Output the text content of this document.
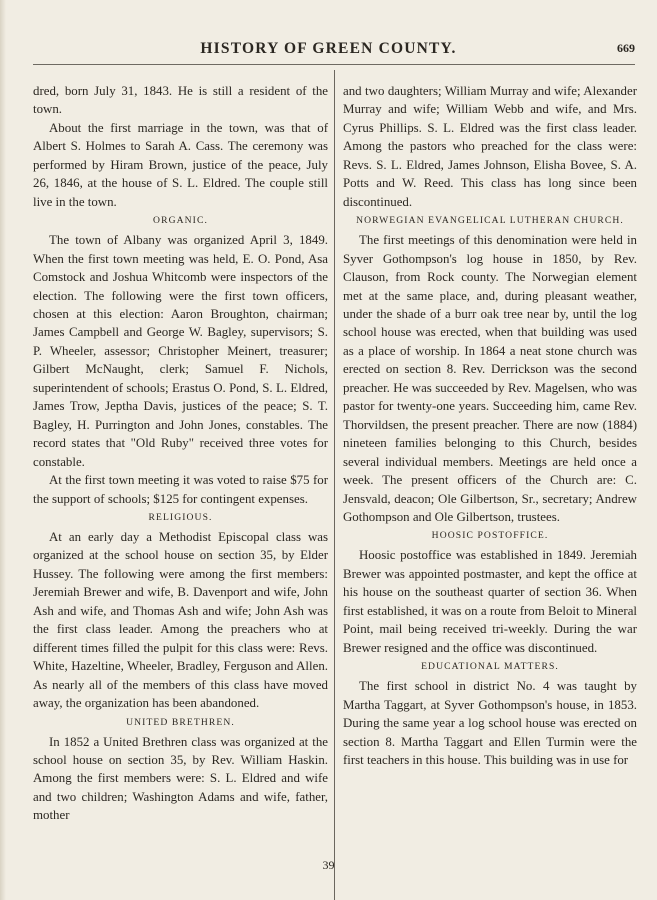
HISTORY OF GREEN COUNTY.	669

dred, born July 31, 1843. He is still a resident of the town.

About the first marriage in the town, was that of Albert S. Holmes to Sarah A. Cass. The ceremony was performed by Hiram Brown, justice of the peace, July 26, 1846, at the house of S. L. Eldred. The couple still live in the town.

ORGANIC.

The town of Albany was organized April 3, 1849. When the first town meeting was held, E. O. Pond, Asa Comstock and Joshua Whitcomb were inspectors of the election. The following were the first town officers, chosen at this election: Aaron Broughton, chairman; James Campbell and George W. Bagley, supervisors; S. P. Wheeler, assessor; Christopher Meinert, treasurer; Gilbert McNaught, clerk; Samuel F. Nichols, superintendent of schools; Erastus O. Pond, S. L. Eldred, James Trow, Jeptha Davis, justices of the peace; S. T. Bagley, H. Purrington and John Jones, constables. The record states that "Old Ruby" received three votes for constable.

At the first town meeting it was voted to raise $75 for the support of schools; $125 for contingent expenses.

RELIGIOUS.

At an early day a Methodist Episcopal class was organized at the school house on section 35, by Elder Hussey. The following were among the first members: Jeremiah Brewer and wife, B. Davenport and wife, John Ash and wife, and Thomas Ash and wife; John Ash was the first class leader. Among the preachers who at different times filled the pulpit for this class were: Revs. White, Hazeltine, Wheeler, Bradley, Ferguson and Allen. As nearly all of the members of this class have moved away, the organization has been abandoned.

UNITED BRETHREN.

In 1852 a United Brethren class was organized at the school house on section 35, by Rev. William Haskin. Among the first members were: S. L. Eldred and wife and two children; Washington Adams and wife, father, mother

and two daughters; William Murray and wife; Alexander Murray and wife; William Webb and wife, and Mrs. Cyrus Phillips. S. L. Eldred was the first class leader. Among the pastors who preached for the class were: Revs. S. L. Eldred, James Johnson, Elisha Bovee, S. A. Potts and W. Reed. This class has long since been discontinued.

NORWEGIAN EVANGELICAL LUTHERAN CHURCH.

The first meetings of this denomination were held in Syver Gothompson's log house in 1850, by Rev. Clauson, from Rock county. The Norwegian element met at the same place, and, during pleasant weather, under the shade of a burr oak tree near by, until the log school house was erected, when that building was used as a place of worship. In 1864 a neat stone church was erected on section 8. Rev. Derrickson was the second preacher. He was succeeded by Rev. Magelsen, who was pastor for twenty-one years. Succeeding him, came Rev. Thorvildsen, the present preacher. There are now (1884) nineteen families belonging to this Church, besides several individual members. Meetings are held once a week. The present officers of the Church are: C. Jensvald, deacon; Ole Gilbertson, Sr., secretary; Andrew Gothompson and Ole Gilbertson, trustees.

HOOSIC POSTOFFICE.

Hoosic postoffice was established in 1849. Jeremiah Brewer was appointed postmaster, and kept the office at his house on the southeast quarter of section 36. When first established, it was on a route from Beloit to Mineral Point, mail being received tri-weekly. During the war Brewer resigned and the office was discontinued.

EDUCATIONAL MATTERS.

The first school in district No. 4 was taught by Martha Taggart, at Syver Gothompson's house, in 1853. During the same year a log school house was erected on section 8. Martha Taggart and Ellen Turmin were the first teachers in this house. This building was in use for

39
